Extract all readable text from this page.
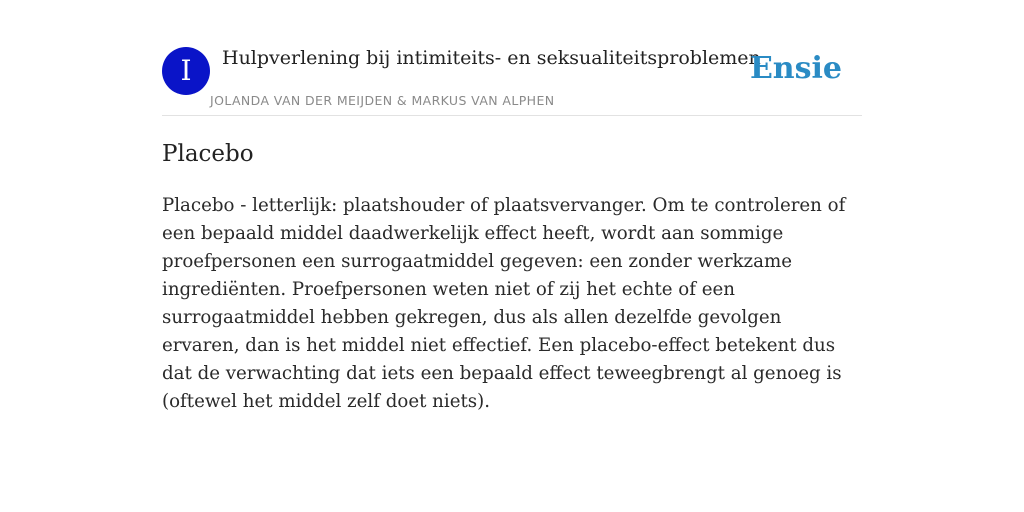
I	Hulpverlening bij intimiteits- en seksualiteitsproblemen
JOLANDA VAN DER MEIJDEN & MARKUS VAN ALPHEN
Ensie
Placebo

Placebo - letterlijk: plaatshouder of plaatsvervanger. Om te controleren of een bepaald middel daadwerkelijk effect heeft, wordt aan sommige proefpersonen een surrogaatmiddel gegeven: een zonder werkzame ingrediënten. Proefpersonen weten niet of zij het echte of een surrogaatmiddel hebben gekregen, dus als allen dezelfde gevolgen ervaren, dan is het middel niet effectief. Een placebo-effect betekent dus dat de verwachting dat iets een bepaald effect teweegbrengt al genoeg is (oftewel het middel zelf doet niets).
